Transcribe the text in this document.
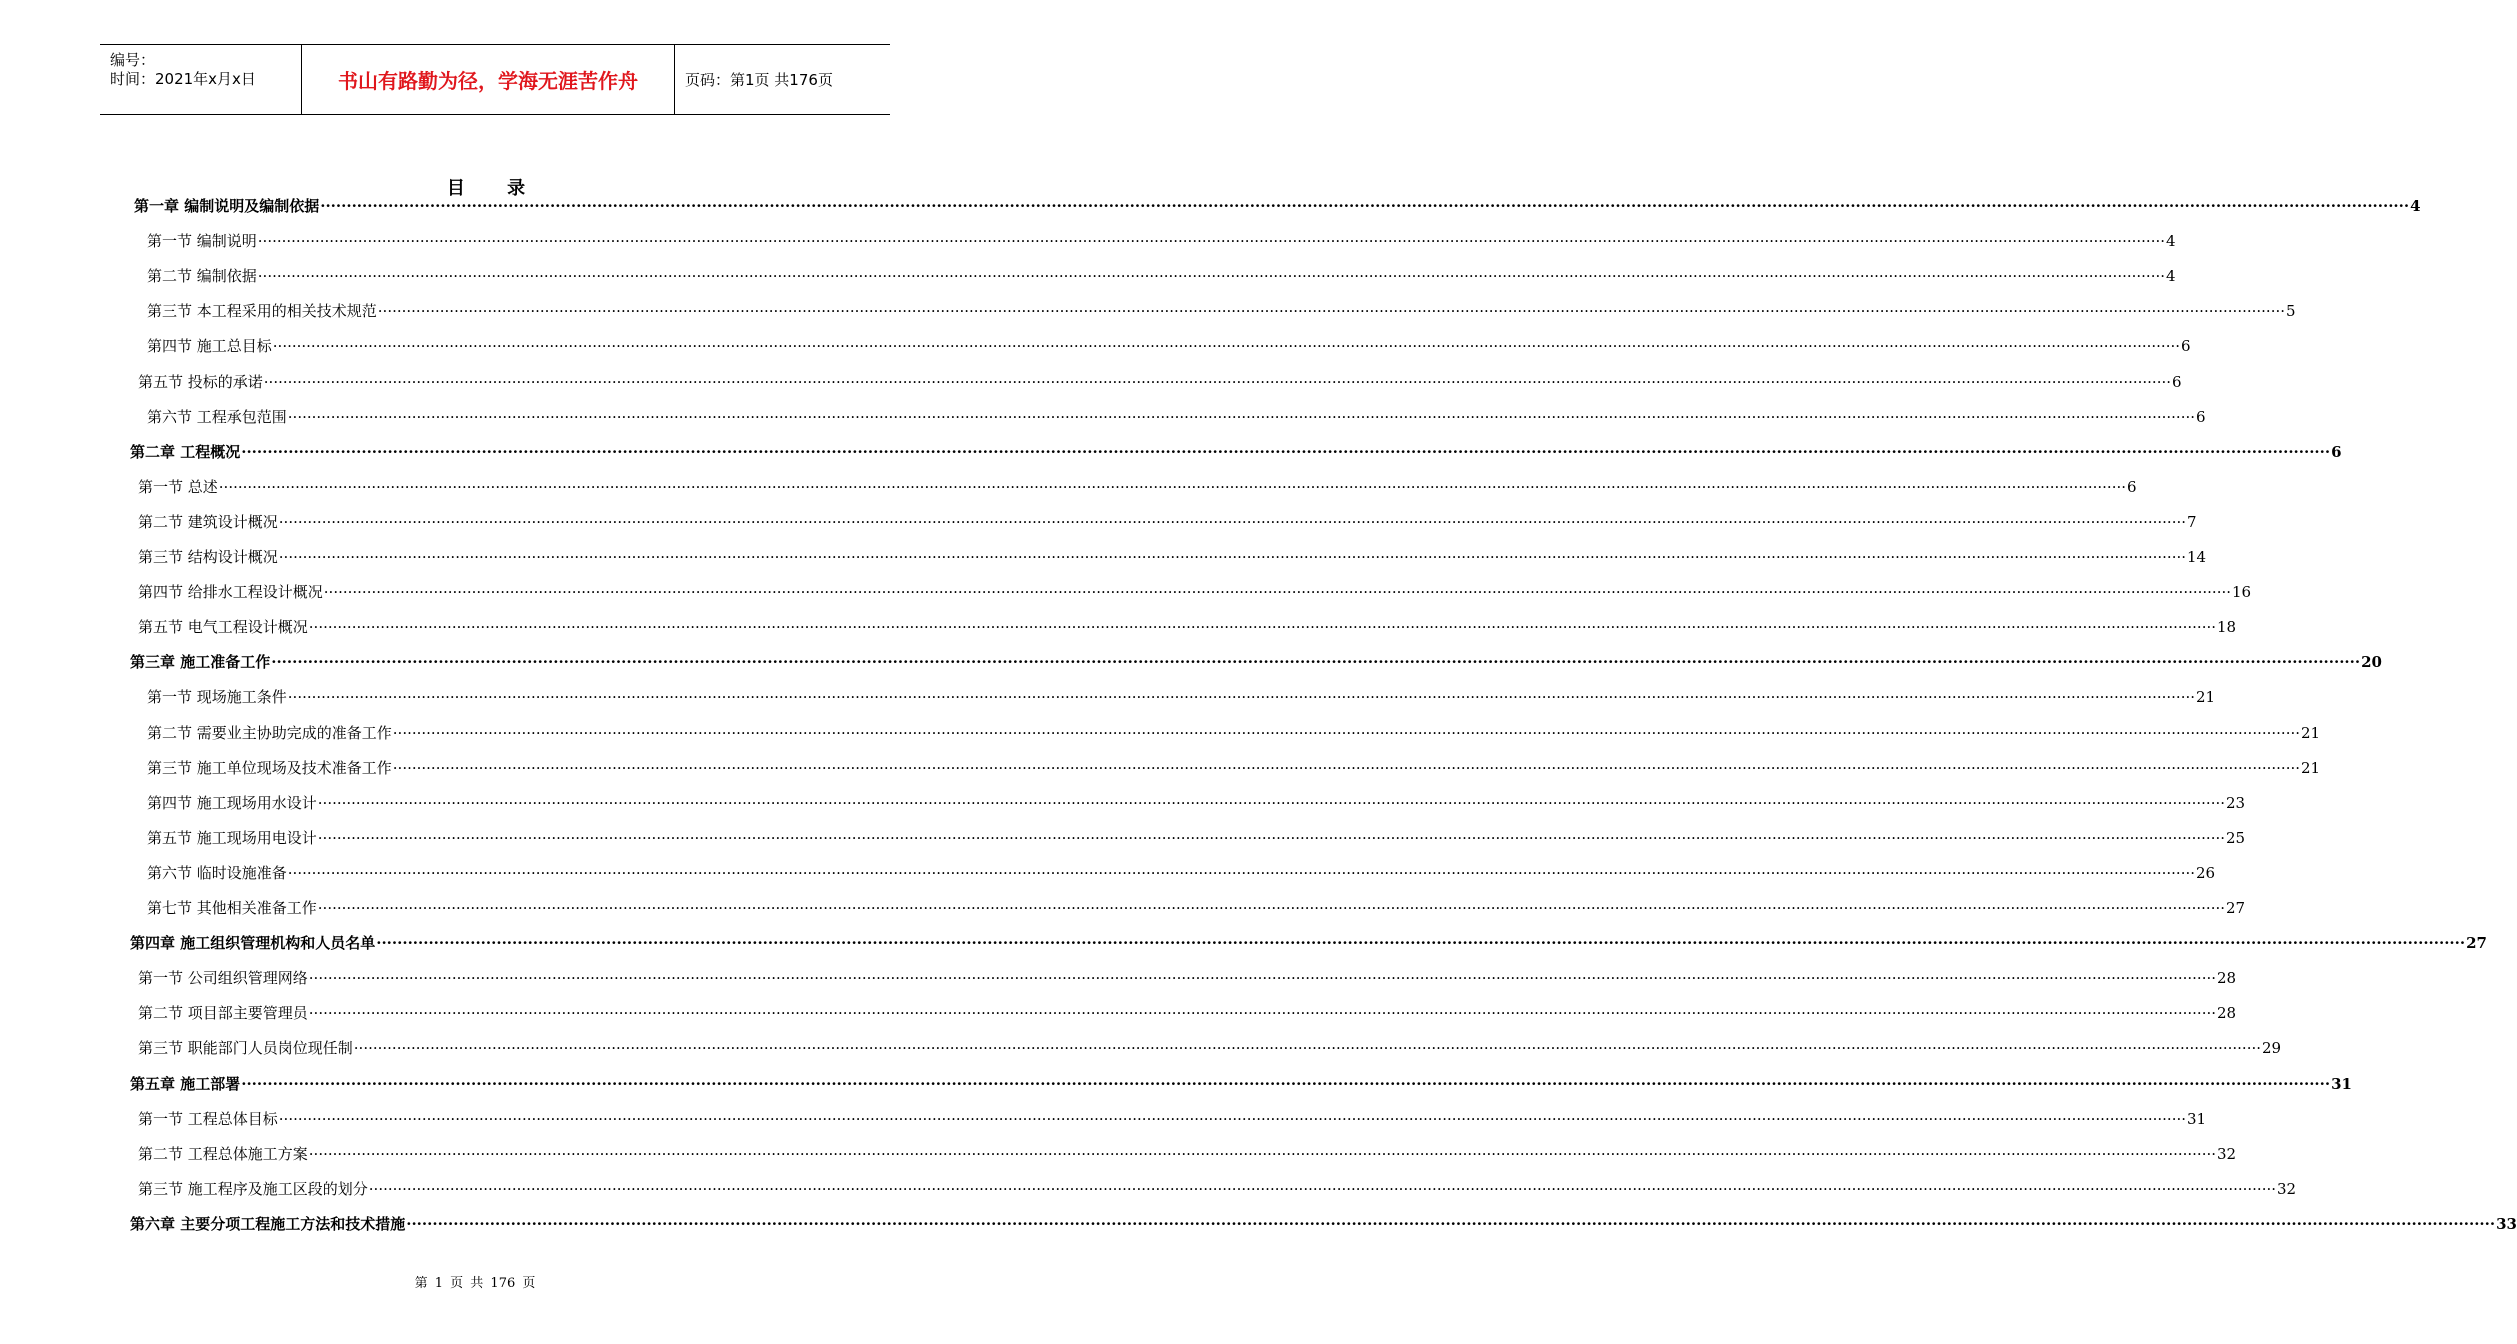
编号：
时间：2021年x月x日	书山有路勤为径，学海无涯苦作舟	页码：第1页 共176页
目 录
第一章 编制说明及编制依据 ················································································································································································································································································································································································································ 4
第一节 编制说明 ················································································································································································································································································································································································································ 4
第二节 编制依据 ················································································································································································································································································································································································································ 4
第三节 本工程采用的相关技术规范 ················································································································································································································································································································································································································ 5
第四节 施工总目标 ················································································································································································································································································································································································································ 6
第五节 投标的承诺 ················································································································································································································································································································································································································ 6
第六节 工程承包范围 ················································································································································································································································································································································································································ 6
第二章 工程概况 ················································································································································································································································································································································································································ 6
第一节 总述 ················································································································································································································································································································································································································ 6
第二节 建筑设计概况 ················································································································································································································································································································································································································ 7
第三节 结构设计概况 ················································································································································································································································································································································································································ 14
第四节 给排水工程设计概况 ················································································································································································································································································································································································································ 16
第五节 电气工程设计概况 ················································································································································································································································································································································································································ 18
第三章 施工准备工作 ················································································································································································································································································································································································································ 20
第一节 现场施工条件 ················································································································································································································································································································································································································ 21
第二节 需要业主协助完成的准备工作 ················································································································································································································································································································································································································ 21
第三节 施工单位现场及技术准备工作 ················································································································································································································································································································································································································ 21
第四节 施工现场用水设计 ················································································································································································································································································································································································································ 23
第五节 施工现场用电设计 ················································································································································································································································································································································································································ 25
第六节 临时设施准备 ················································································································································································································································································································································································································ 26
第七节 其他相关准备工作 ················································································································································································································································································································································································································ 27
第四章 施工组织管理机构和人员名单 ················································································································································································································································································································································································································ 27
第一节 公司组织管理网络 ················································································································································································································································································································································································································ 28
第二节 项目部主要管理员 ················································································································································································································································································································································································································ 28
第三节 职能部门人员岗位现任制 ················································································································································································································································································································································································································ 29
第五章 施工部署 ················································································································································································································································································································································································································ 31
第一节 工程总体目标 ················································································································································································································································································································································································································ 31
第二节 工程总体施工方案 ················································································································································································································································································································································································································ 32
第三节 施工程序及施工区段的划分 ················································································································································································································································································································································································································ 32
第六章 主要分项工程施工方法和技术措施 ················································································································································································································································································································································································································ 33
第 1 页 共 176 页
